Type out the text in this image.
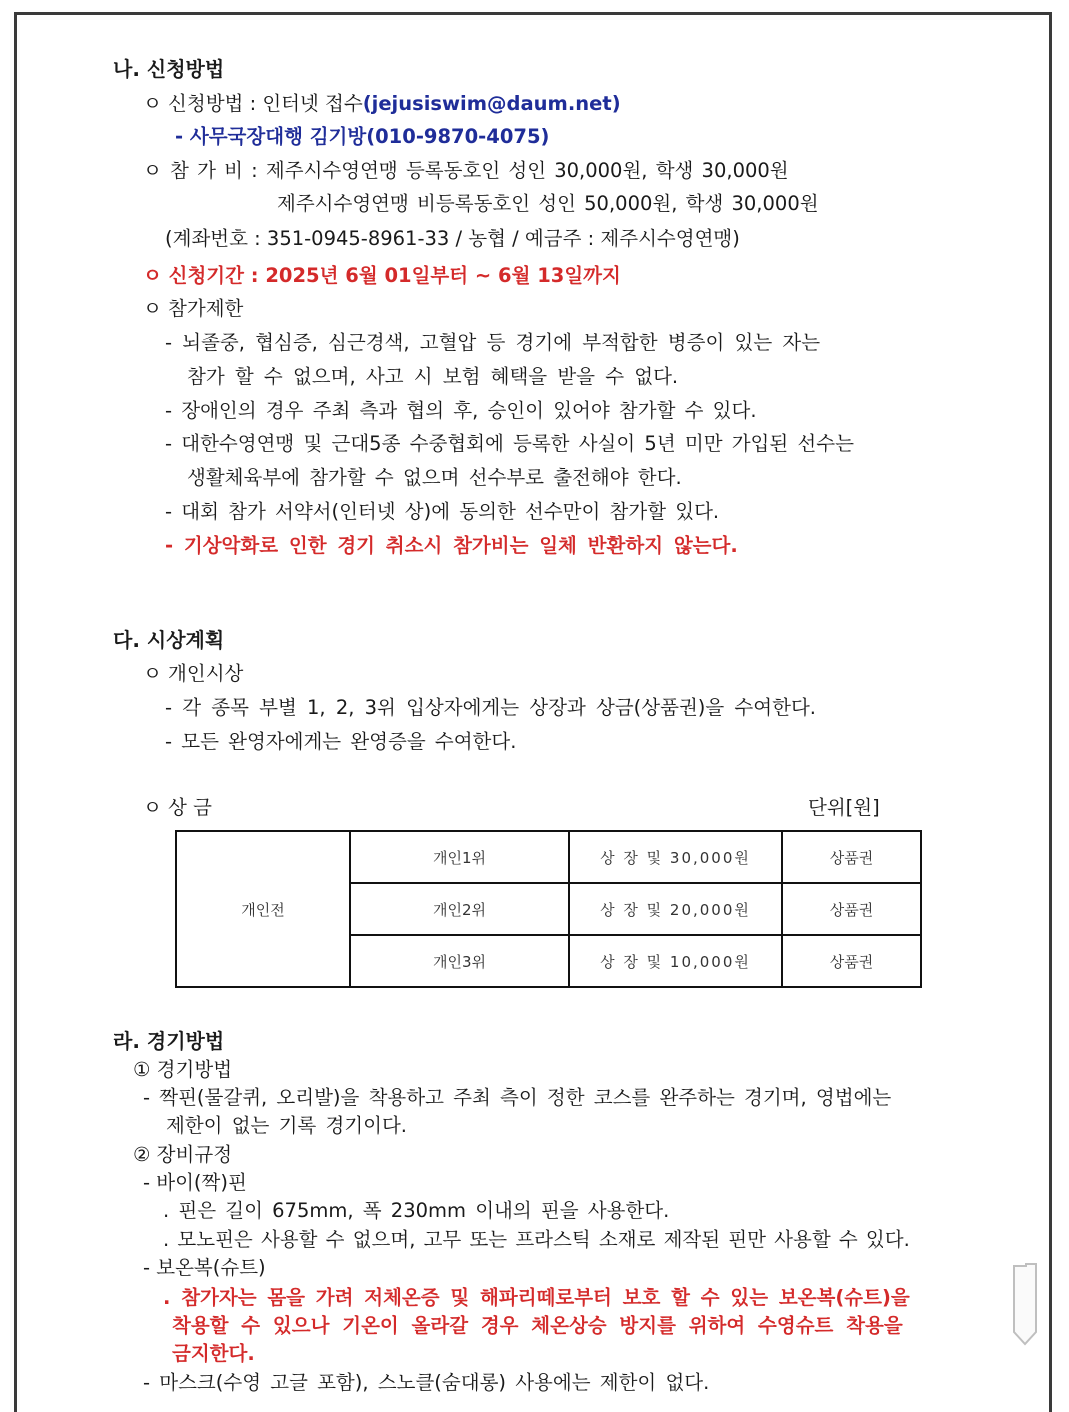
나. 신청방법
ㅇ 신청방법 : 인터넷 접수(jejusiswim@daum.net)
- 사무국장대행 김기방(010-9870-4075)
ㅇ 참 가 비 : 제주시수영연맹 등록동호인 성인 30,000원, 학생 30,000원
제주시수영연맹 비등록동호인 성인 50,000원, 학생 30,000원
(계좌번호 : 351-0945-8961-33 / 농협 / 예금주 : 제주시수영연맹)
ㅇ 신청기간 : 2025년 6월 01일부터 ~ 6월 13일까지
ㅇ 참가제한
- 뇌졸중, 협심증, 심근경색, 고혈압 등 경기에 부적합한 병증이 있는 자는
참가 할 수 없으며, 사고 시 보험 혜택을 받을 수 없다.
- 장애인의 경우 주최 측과 협의 후, 승인이 있어야 참가할 수 있다.
- 대한수영연맹 및 근대5종 수중협회에 등록한 사실이 5년 미만 가입된 선수는
생활체육부에 참가할 수 없으며 선수부로 출전해야 한다.
- 대회 참가 서약서(인터넷 상)에 동의한 선수만이 참가할 있다.
- 기상악화로 인한 경기 취소시 참가비는 일체 반환하지 않는다.
다. 시상계획
ㅇ 개인시상
- 각 종목 부별 1, 2, 3위 입상자에게는 상장과 상금(상품권)을 수여한다.
- 모든 완영자에게는 완영증을 수여한다.
ㅇ 상 금	단위[원]
개인전	개인1위	상 장 및 30,000원	상품권
	개인2위	상 장 및 20,000원	상품권
	개인3위	상 장 및 10,000원	상품권
라. 경기방법
① 경기방법
- 짝핀(물갈퀴, 오리발)을 착용하고 주최 측이 정한 코스를 완주하는 경기며, 영법에는
제한이 없는 기록 경기이다.
② 장비규정
- 바이(짝)핀
. 핀은 길이 675mm, 폭 230mm 이내의 핀을 사용한다.
. 모노핀은 사용할 수 없으며, 고무 또는 프라스틱 소재로 제작된 핀만 사용할 수 있다.
- 보온복(슈트)
. 참가자는 몸을 가려 저체온증 및 해파리떼로부터 보호 할 수 있는 보온복(슈트)을
착용할 수 있으나 기온이 올라갈 경우 체온상승 방지를 위하여 수영슈트 착용을
금지한다.
- 마스크(수영 고글 포함), 스노클(숨대롱) 사용에는 제한이 없다.
